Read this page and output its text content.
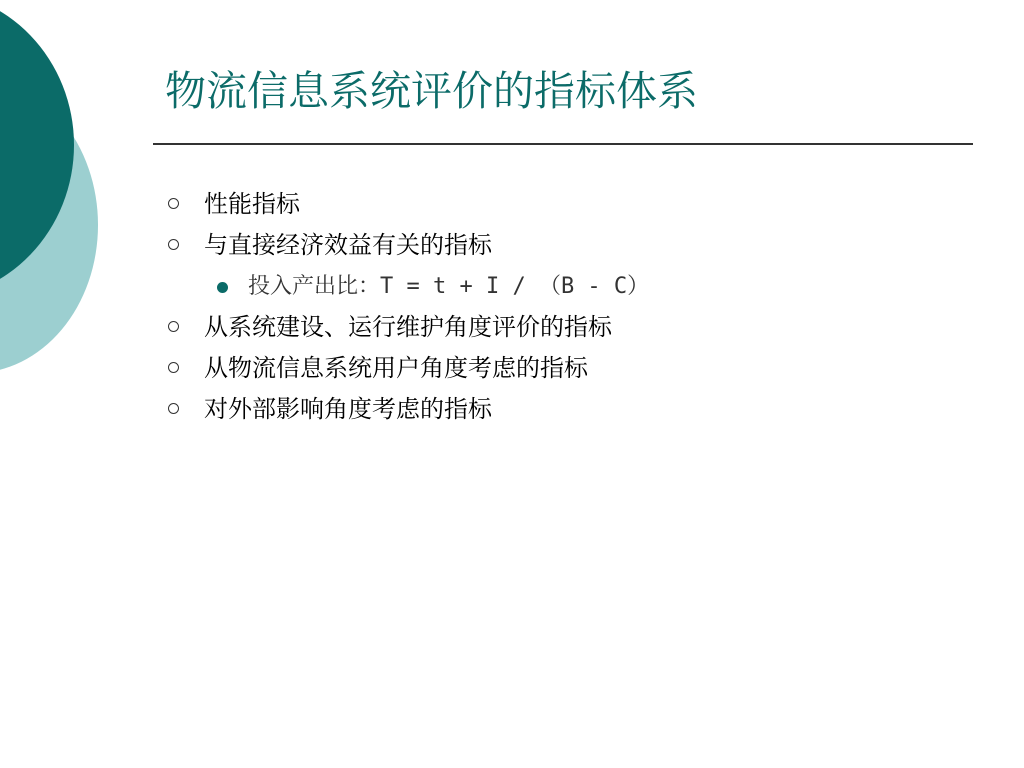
物流信息系统评价的指标体系
性能指标
与直接经济效益有关的指标
投入产出比：T = t + I / （B - C）
从系统建设、运行维护角度评价的指标
从物流信息系统用户角度考虑的指标
对外部影响角度考虑的指标
